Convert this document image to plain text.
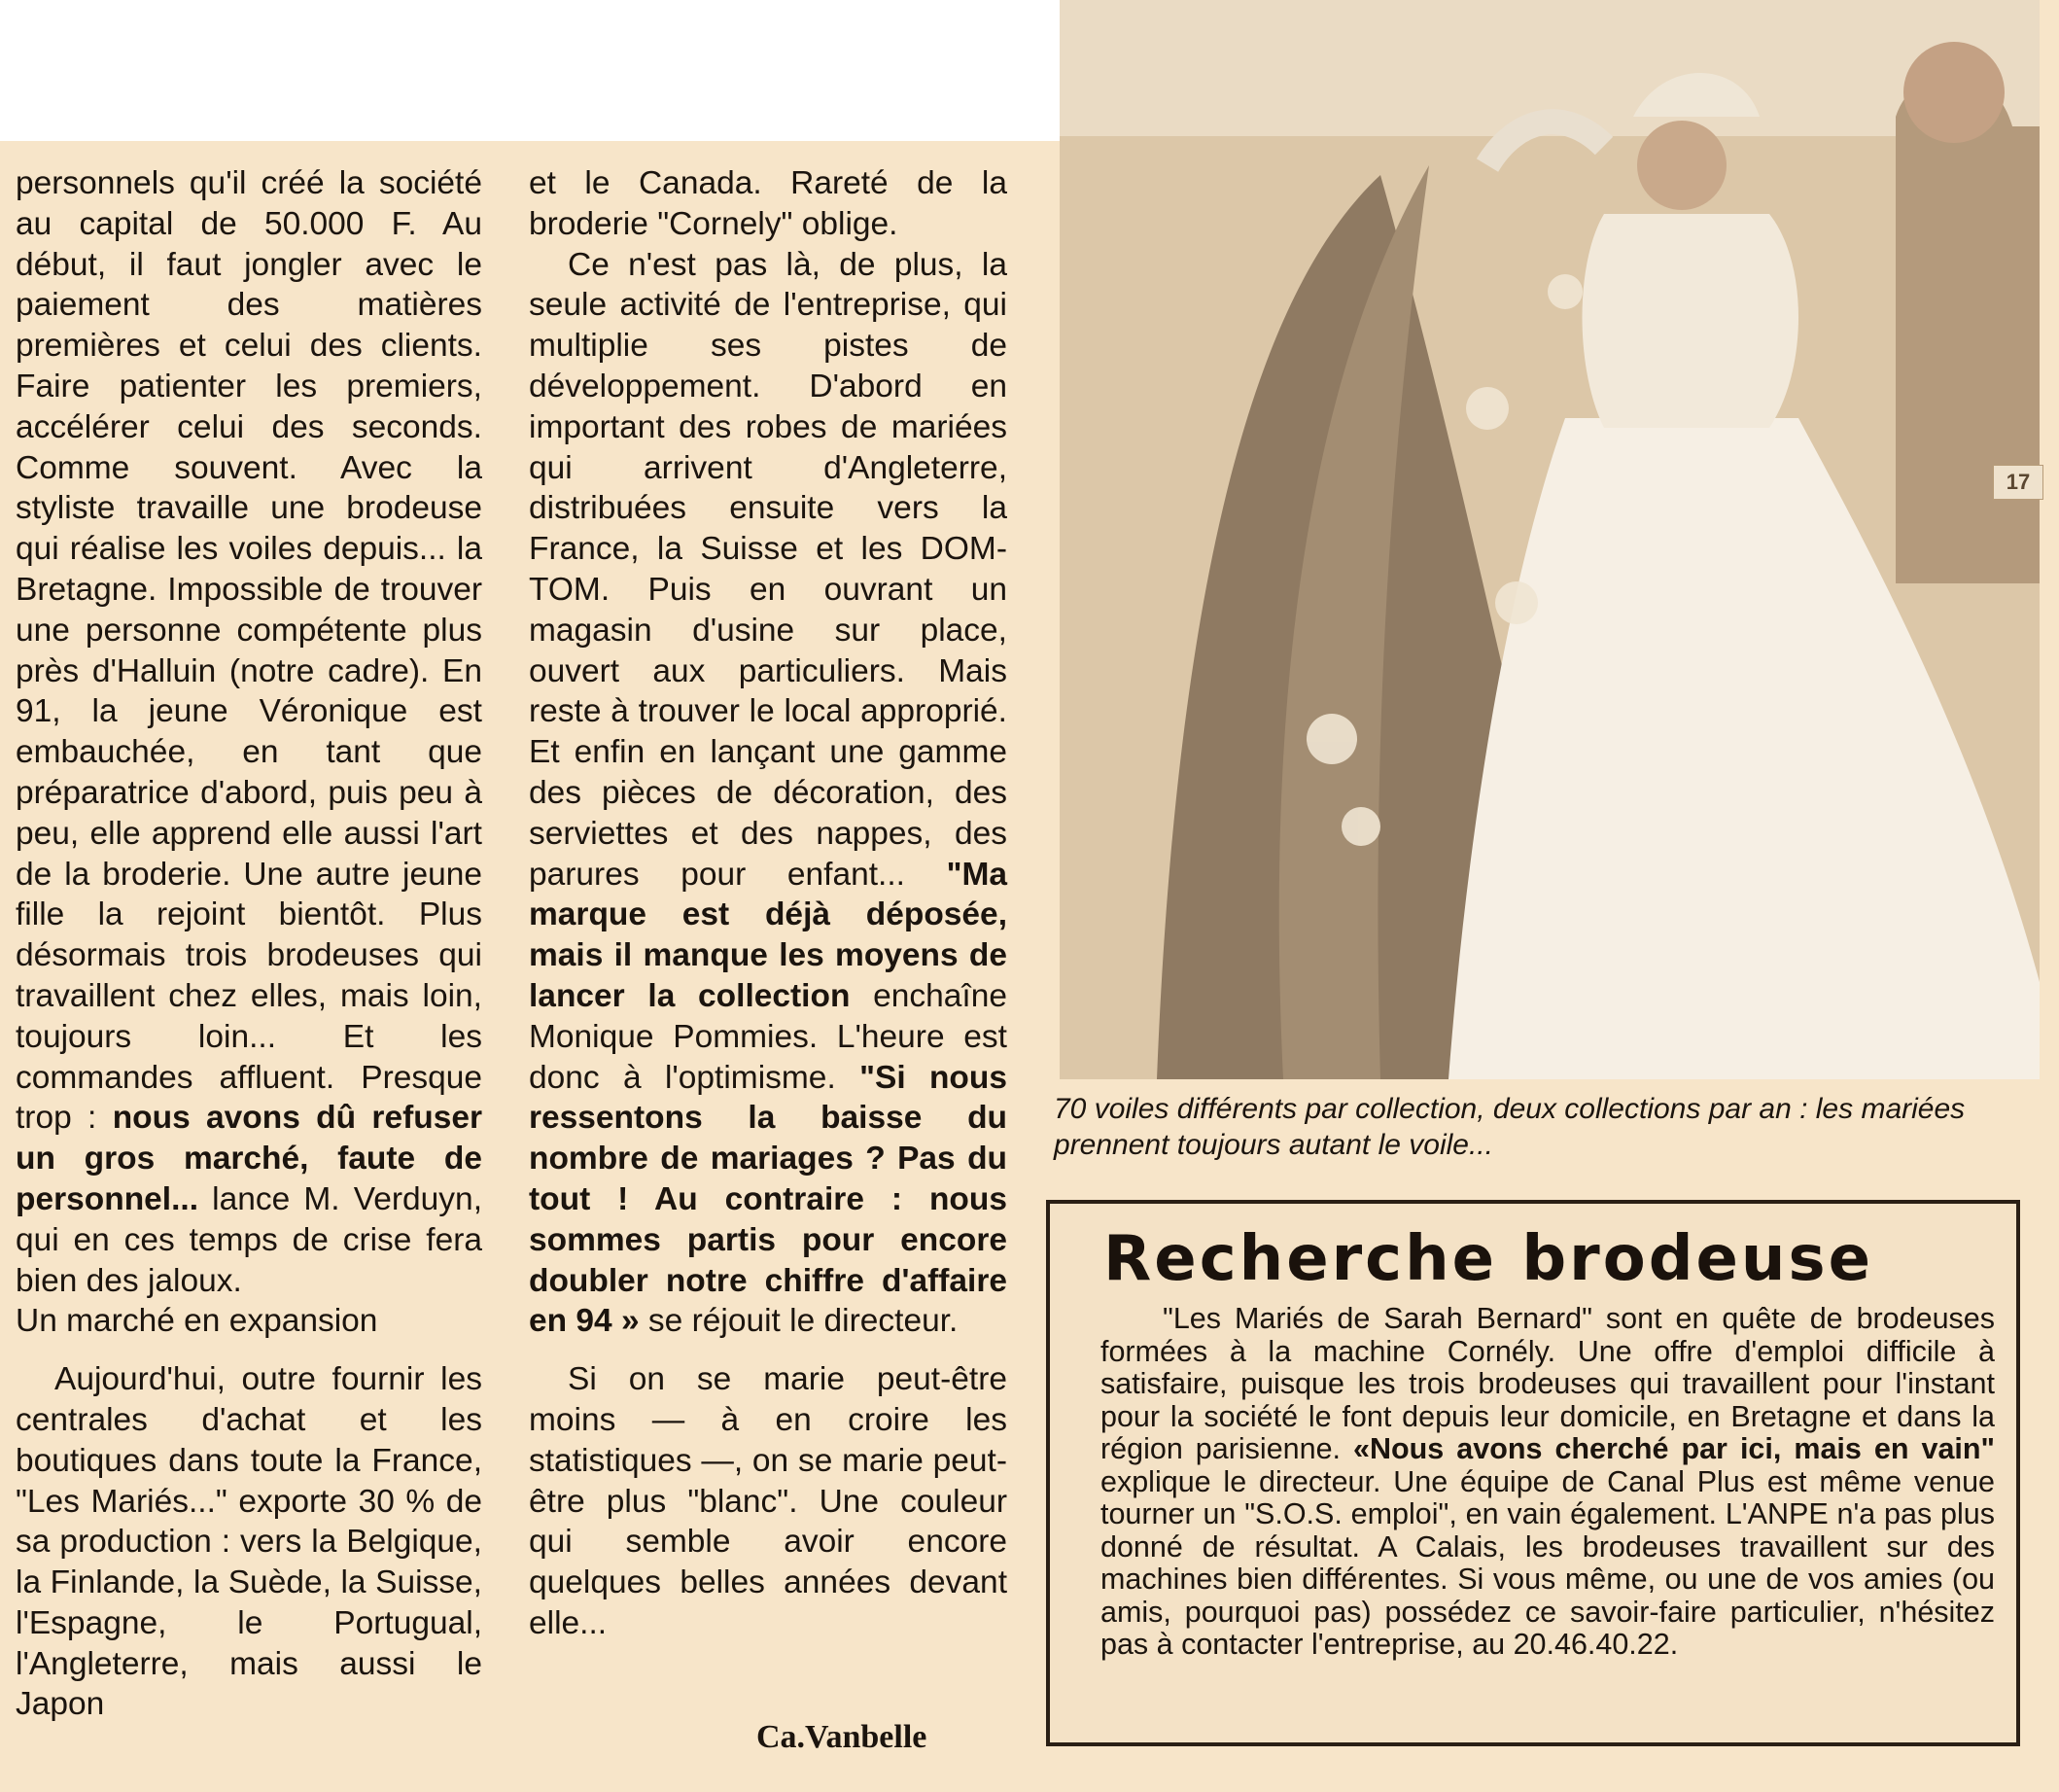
personnels qu'il créé la société au capital de 50.000 F. Au début, il faut jongler avec le paiement des matières premières et celui des clients. Faire patienter les premiers, accélérer celui des seconds. Comme souvent. Avec la styliste travaille une brodeuse qui réalise les voiles depuis... la Bretagne. Impossible de trouver une personne compétente plus près d'Halluin (notre cadre). En 91, la jeune Véronique est embauchée, en tant que préparatrice d'abord, puis peu à peu, elle apprend elle aussi l'art de la broderie. Une autre jeune fille la rejoint bientôt. Plus désormais trois brodeuses qui travaillent chez elles, mais loin, toujours loin... Et les commandes affluent. Presque trop : nous avons dû refuser un gros marché, faute de personnel... lance M. Verduyn, qui en ces temps de crise fera bien des jaloux.

Un marché en expansion

Aujourd'hui, outre fournir les centrales d'achat et les boutiques dans toute la France, "Les Mariés..." exporte 30 % de sa production : vers la Belgique, la Finlande, la Suède, la Suisse, l'Espagne, le Portugual, l'Angleterre, mais aussi le Japon

et le Canada. Rareté de la broderie "Cornely" oblige.

Ce n'est pas là, de plus, la seule activité de l'entreprise, qui multiplie ses pistes de développement. D'abord en important des robes de mariées qui arrivent d'Angleterre, distribuées ensuite vers la France, la Suisse et les DOM-TOM. Puis en ouvrant un magasin d'usine sur place, ouvert aux particuliers. Mais reste à trouver le local approprié. Et enfin en lançant une gamme des pièces de décoration, des serviettes et des nappes, des parures pour enfant... "Ma marque est déjà déposée, mais il manque les moyens de lancer la collection enchaîne Monique Pommies. L'heure est donc à l'optimisme. "Si nous ressentons la baisse du nombre de mariages ? Pas du tout ! Au contraire : nous sommes partis pour encore doubler notre chiffre d'affaire en 94 » se réjouit le directeur.

Si on se marie peut-être moins — à en croire les statistiques —, on se marie peut-être plus "blanc". Une couleur qui semble avoir encore quelques belles années devant elle...

Ca.Vanbelle
17
70 voiles différents par collection, deux collections par an : les mariées prennent toujours autant le voile...
Recherche brodeuse

"Les Mariés de Sarah Bernard" sont en quête de brodeuses formées à la machine Cornély. Une offre d'emploi difficile à satisfaire, puisque les trois brodeuses qui travaillent pour l'instant pour la société le font depuis leur domicile, en Bretagne et dans la région parisienne. «Nous avons cherché par ici, mais en vain" explique le directeur. Une équipe de Canal Plus est même venue tourner un "S.O.S. emploi", en vain également. L'ANPE n'a pas plus donné de résultat. A Calais, les brodeuses travaillent sur des machines bien différentes. Si vous même, ou une de vos amies (ou amis, pourquoi pas) possédez ce savoir-faire particulier, n'hésitez pas à contacter l'entreprise, au 20.46.40.22.
